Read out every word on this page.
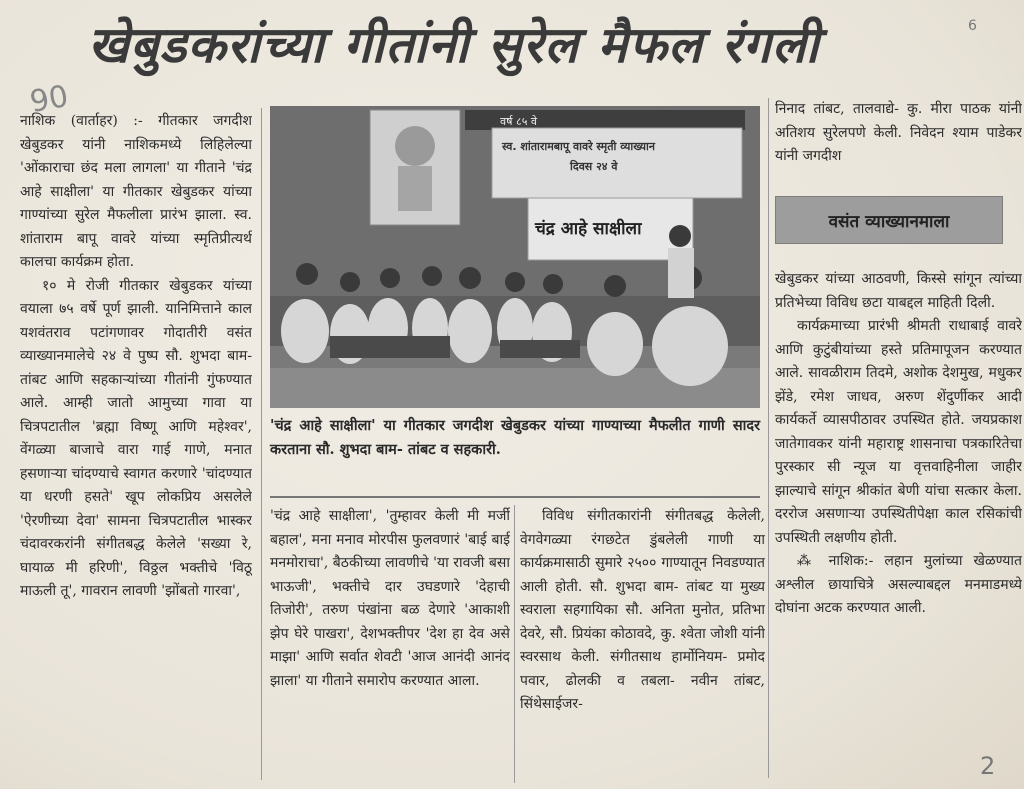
खेबुडकरांच्या गीतांनी सुरेल मैफल रंगली
90
6
2

नाशिक (वार्ताहर) :- गीतकार जगदीश खेबुडकर यांनी नाशिकमध्ये लिहिलेल्या 'ओंकाराचा छंद मला लागला' या गीताने 'चंद्र आहे साक्षीला' या गीतकार खेबुडकर यांच्या गाण्यांच्या सुरेल मैफलीला प्रारंभ झाला. स्व. शांताराम बापू वावरे यांच्या स्मृतिप्रीत्यर्थ कालचा कार्यक्रम होता.

१० मे रोजी गीतकार खेबुडकर यांच्या वयाला ७५ वर्षे पूर्ण झाली. यानिमित्ताने काल यशवंतराव पटांगणावर गोदातीरी वसंत व्याख्यानमालेचे २४ वे पुष्प सौ. शुभदा बाम- तांबट आणि सहकाऱ्यांच्या गीतांनी गुंफण्यात आले. आम्ही जातो आमुच्या गावा या चित्रपटातील 'ब्रह्मा विष्णू आणि महेश्वर', वेंगळ्या बाजाचे वारा गाई गाणे, मनात हसणाऱ्या चांदण्याचे स्वागत करणारे 'चांदण्यात या धरणी हसते' खूप लोकप्रिय असलेले 'ऐरणीच्या देवा' सामना चित्रपटातील भास्कर चंदावरकरांनी संगीतबद्ध केलेले 'सख्या रे, घायाळ मी हरिणी', विठ्ठल भक्तीचे 'विठू माऊली तू', गावरान लावणी 'झोंबतो गारवा',

वर्ष ८५ वे
स्व. शांतारामबापू वावरे स्मृती व्याख्यान
दिवस २४ वे
चंद्र आहे साक्षीला
'चंद्र आहे साक्षीला' या गीतकार जगदीश खेबुडकर यांच्या गाण्याच्या मैफलीत गाणी सादर करताना सौ. शुभदा बाम- तांबट व सहकारी.

'चंद्र आहे साक्षीला', 'तुम्हावर केली मी मर्जी बहाल', मना मनाव मोरपीस फुलवणारं 'बाई बाई मनमोराचा', बैठकीच्या लावणीचे 'या रावजी बसा भाऊजी', भक्तीचे दार उघडणारे 'देहाची तिजोरी', तरुण पंखांना बळ देणारे 'आकाशी झेप घेरे पाखरा', देशभक्तीपर 'देश हा देव असे माझा' आणि सर्वात शेवटी 'आज आनंदी आनंद झाला' या गीताने समारोप करण्यात आला.

विविध संगीतकारांनी संगीतबद्ध केलेली, वेगवेगळ्या रंगछटेत डुंबलेली गाणी या कार्यक्रमासाठी सुमारे २५०० गाण्यातून निवडण्यात आली होती. सौ. शुभदा बाम- तांबट या मुख्य स्वराला सहगायिका सौ. अनिता मुनोत, प्रतिभा देवरे, सौ. प्रियंका कोठावदे, कु. श्वेता जोशी यांनी स्वरसाथ केली. संगीतसाथ हार्मोनियम- प्रमोद पवार, ढोलकी व तबला- नवीन तांबट, सिंथेसाईजर-

निनाद तांबट, तालवाद्ये- कु. मीरा पाठक यांनी अतिशय सुरेलपणे केली. निवेदन श्याम पाडेकर यांनी जगदीश

वसंत व्याख्यानमाला

खेबुडकर यांच्या आठवणी, किस्से सांगून त्यांच्या प्रतिभेच्या विविध छटा याबद्दल माहिती दिली.

कार्यक्रमाच्या प्रारंभी श्रीमती राधाबाई वावरे आणि कुटुंबीयांच्या हस्ते प्रतिमापूजन करण्यात आले. सावळीराम तिदमे, अशोक देशमुख, मधुकर झेंडे, रमेश जाधव, अरुण शेंदुर्णीकर आदी कार्यकर्ते व्यासपीठावर उपस्थित होते. जयप्रकाश जातेगावकर यांनी महाराष्ट्र शासनाचा पत्रकारितेचा पुरस्कार सी न्यूज या वृत्तवाहिनीला जाहीर झाल्याचे सांगून श्रीकांत बेणी यांचा सत्कार केला. दररोज असणाऱ्या उपस्थितीपेक्षा काल रसिकांची उपस्थिती लक्षणीय होती.

⁂ नाशिक:- लहान मुलांच्या खेळण्यात अश्लील छायाचित्रे असल्याबद्दल मनमाडमध्ये दोघांना अटक करण्यात आली.
